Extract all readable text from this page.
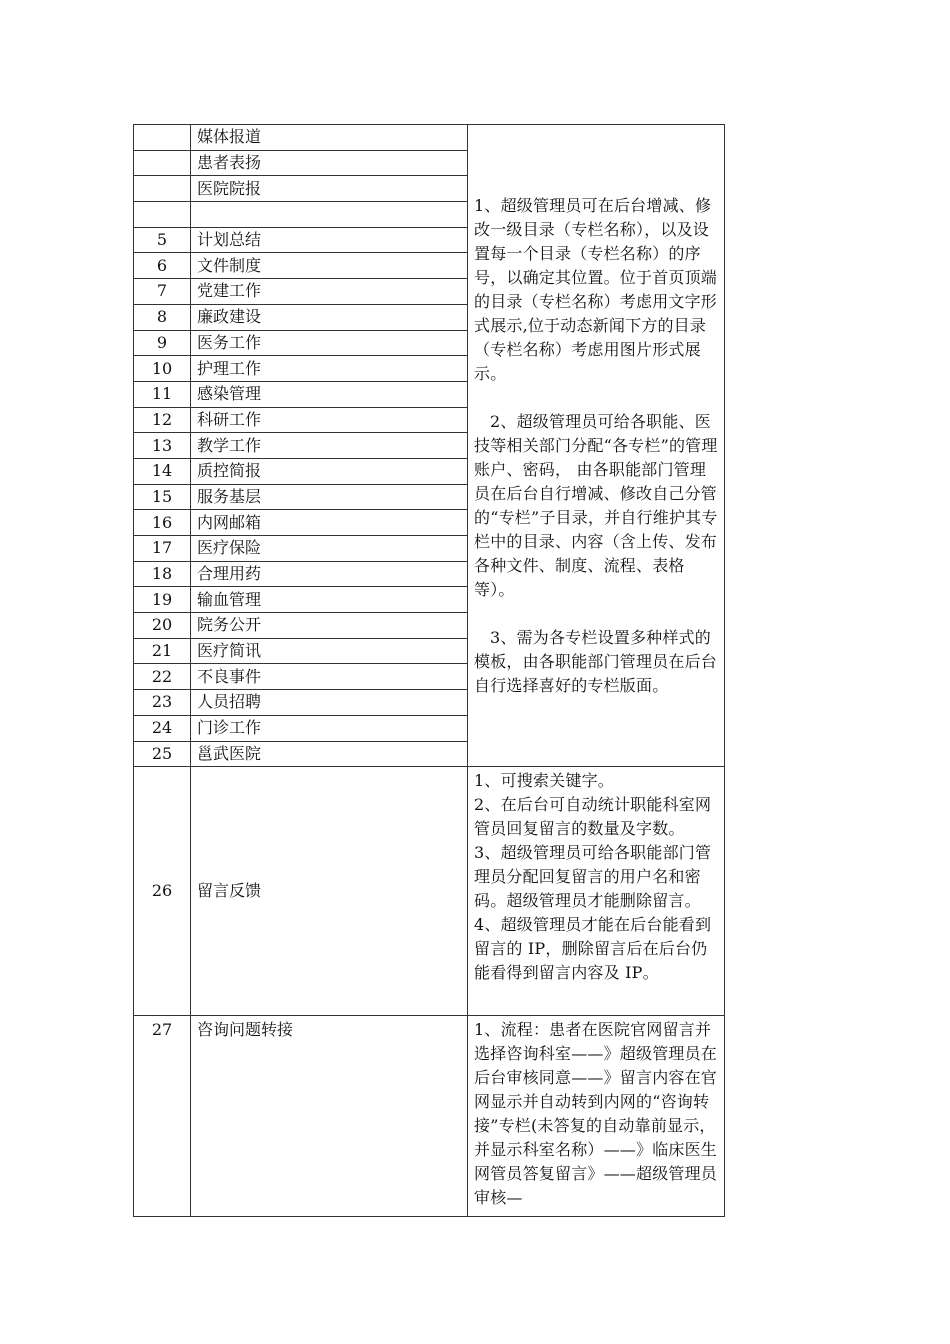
	媒体报道	1、超级管理员可在后台增减、修改一级目录（专栏名称），以及设置每一个目录（专栏名称）的序号，以确定其位置。位于首页顶端的目录（专栏名称）考虑用文字形式展示,位于动态新闻下方的目录（专栏名称）考虑用图片形式展示。

2、超级管理员可给各职能、医技等相关部门分配“各专栏”的管理账户、密码， 由各职能部门管理员在后台自行增减、修改自己分管的“专栏”子目录，并自行维护其专栏中的目录、内容（含上传、发布各种文件、制度、流程、表格等）。

3、需为各专栏设置多种样式的模板，由各职能部门管理员在后台自行选择喜好的专栏版面。

	患者表扬	
	医院院报	

5	计划总结	
6	文件制度	
7	党建工作	
8	廉政建设	
9	医务工作	
10	护理工作	
11	感染管理	
12	科研工作	
13	教学工作	
14	质控简报	
15	服务基层	
16	内网邮箱	
17	医疗保险	
18	合理用药	
19	输血管理	
20	院务公开	
21	医疗简讯	
22	不良事件	
23	人员招聘	
24	门诊工作	
25	邕武医院	
26	留言反馈	1、可搜索关键字。

2、在后台可自动统计职能科室网管员回复留言的数量及字数。

3、超级管理员可给各职能部门管理员分配回复留言的用户名和密码。超级管理员才能删除留言。

4、超级管理员才能在后台能看到留言的 IP，删除留言后在后台仍能看得到留言内容及 IP。

27	咨询问题转接	1、流程：患者在医院官网留言并选择咨询科室——》超级管理员在后台审核同意——》留言内容在官网显示并自动转到内网的“咨询转接”专栏(未答复的自动靠前显示，并显示科室名称）——》临床医生网管员答复留言》——超级管理员审核—
